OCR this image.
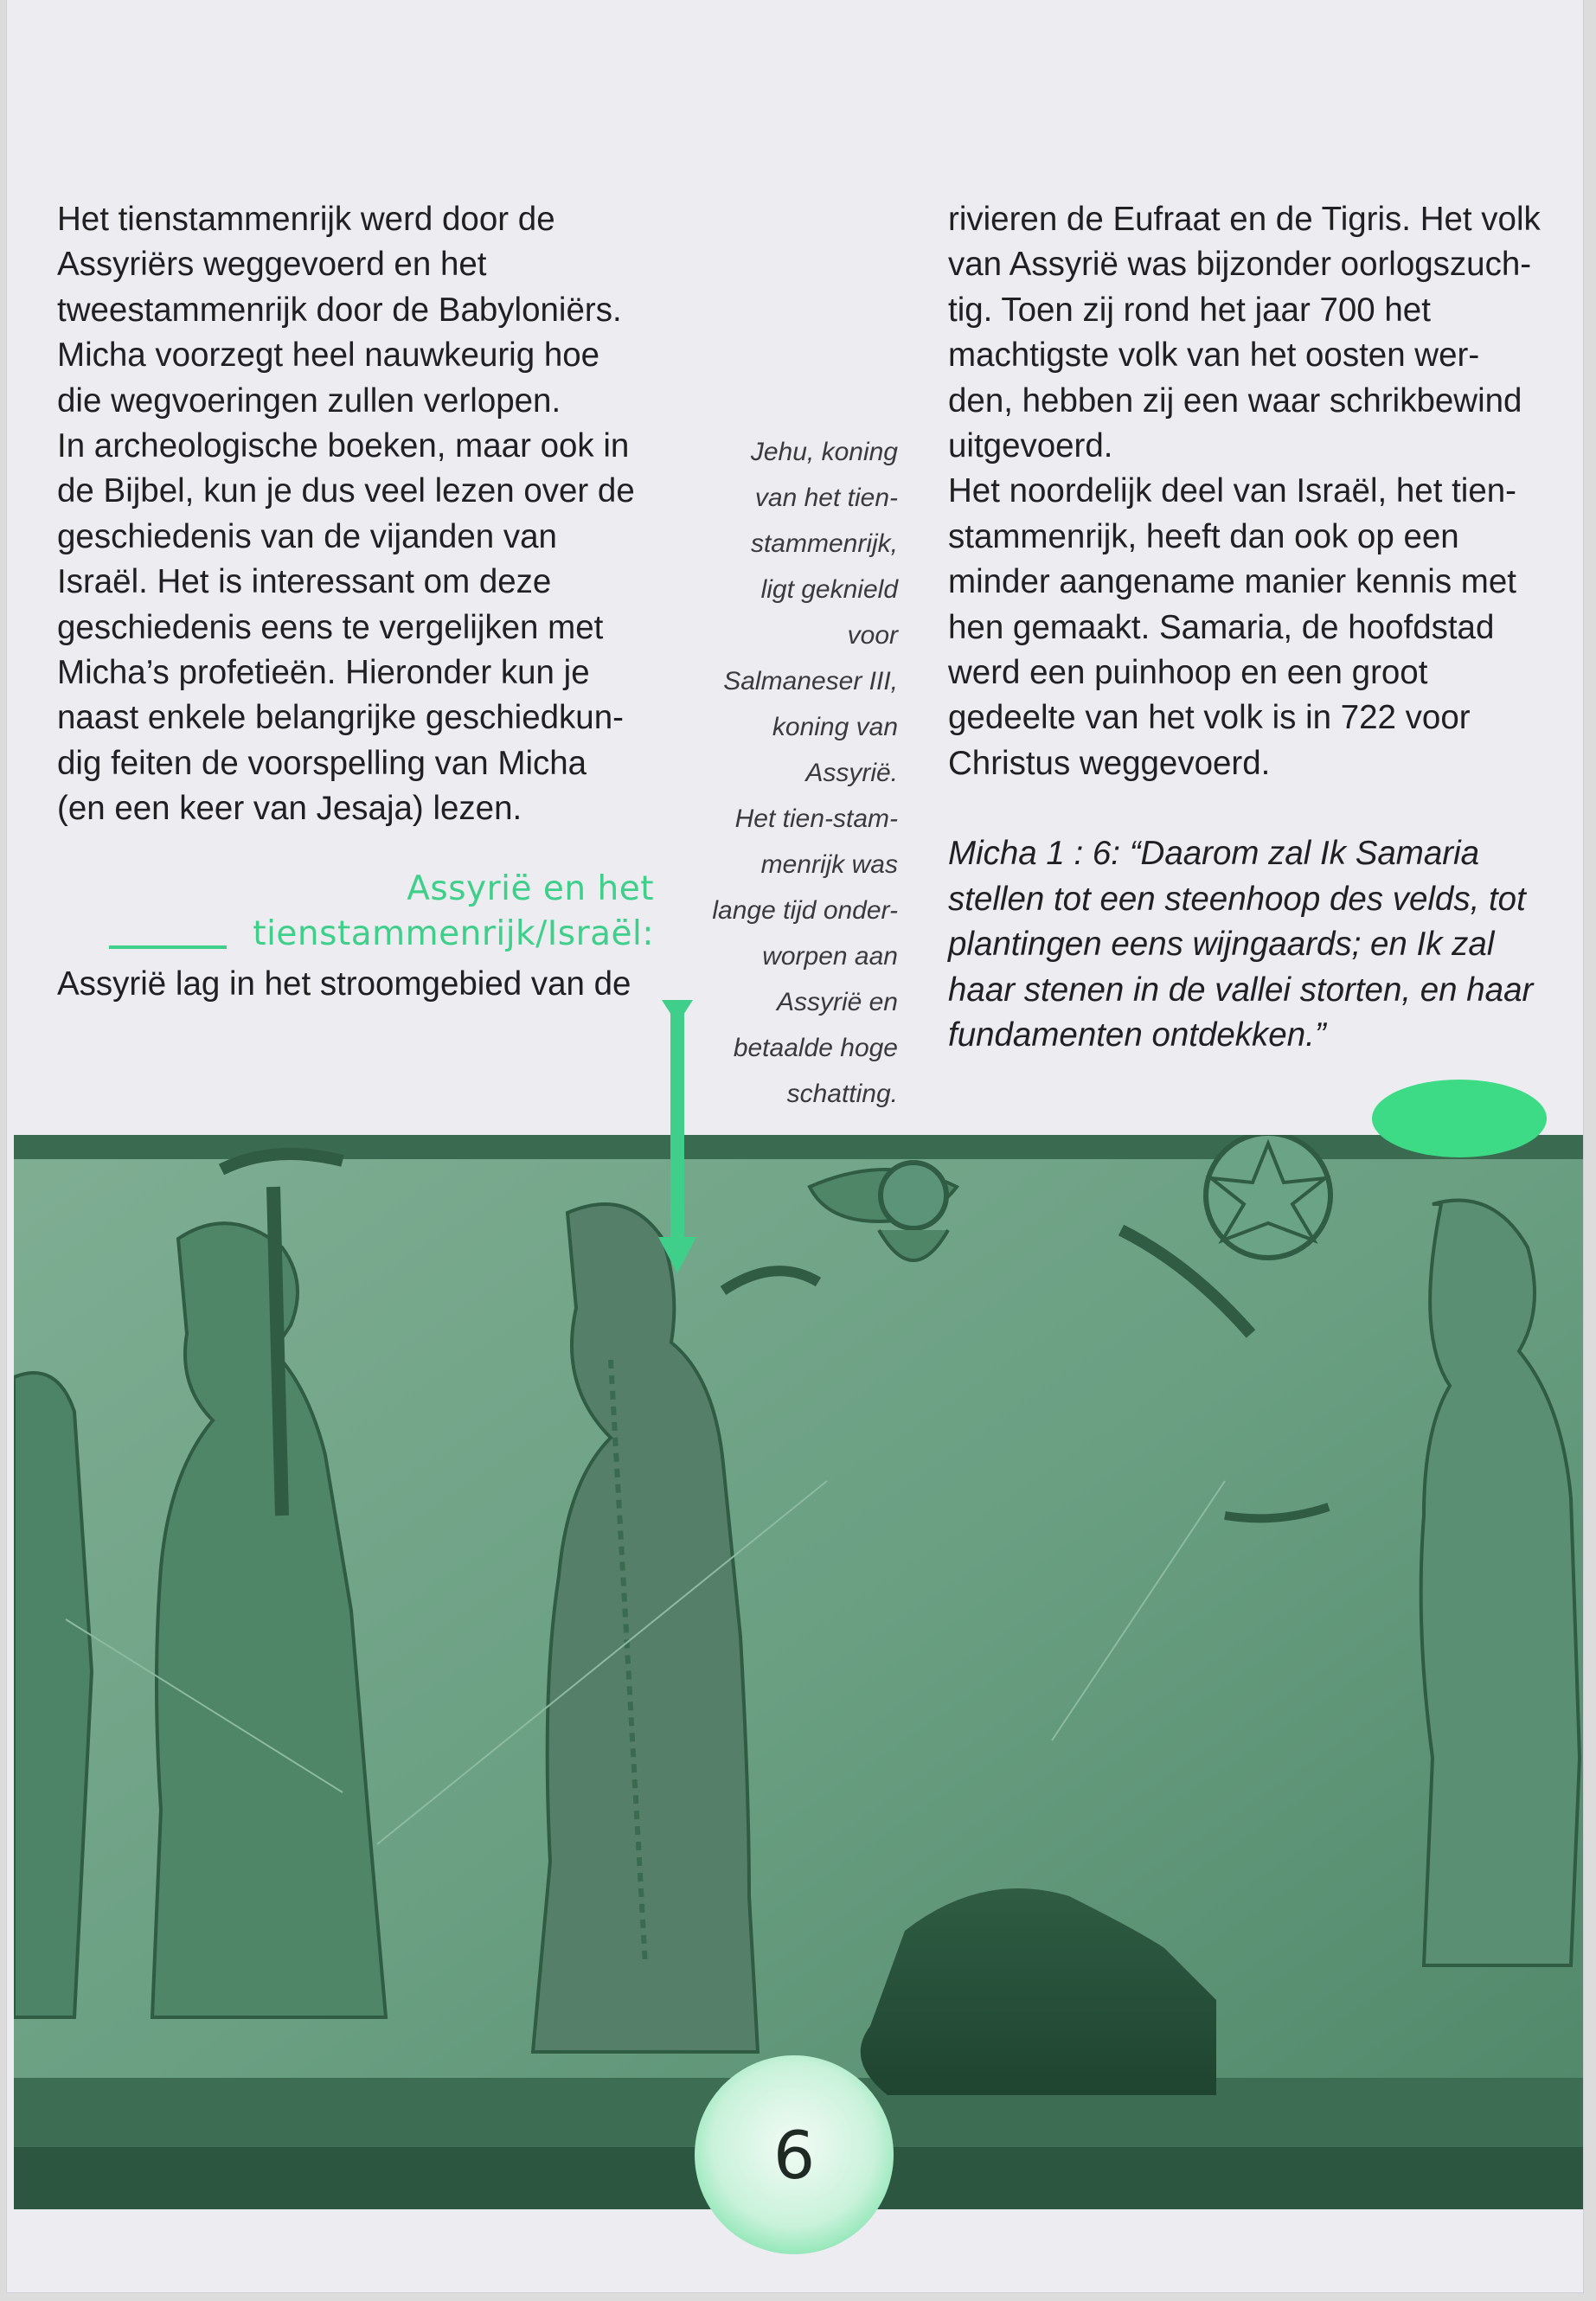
Het tienstammenrijk werd door de

Assyriërs weggevoerd en het

tweestammenrijk door de Babyloniërs.

Micha voorzegt heel nauwkeurig hoe

die wegvoeringen zullen verlopen.

In archeologische boeken, maar ook in

de Bijbel, kun je dus veel lezen over de

geschiedenis van de vijanden van

Israël. Het is interessant om deze

geschiedenis eens te vergelijken met

Micha’s profetieën. Hieronder kun je

naast enkele belangrijke geschiedkun-

dig feiten de voorspelling van Micha

(en een keer van Jesaja) lezen.

Assyrië en het
tienstammenrijk/Israël:
Assyrië lag in het stroomgebied van de
Jehu, koning
van het tien-
stammenrijk,
ligt geknield
voor
Salmaneser III,
koning van
Assyrië.
Het tien-stam-
menrijk was
lange tijd onder-
worpen aan
Assyrië en
betaalde hoge
schatting.

rivieren de Eufraat en de Tigris. Het volk

van Assyrië was bijzonder oorlogszuch-

tig. Toen zij rond het jaar 700 het

machtigste volk van het oosten wer-

den, hebben zij een waar schrikbewind

uitgevoerd.

Het noordelijk deel van Israël, het tien-

stammenrijk, heeft dan ook op een

minder aangename manier kennis met

hen gemaakt. Samaria, de hoofdstad

werd een puinhoop en een groot

gedeelte van het volk is in 722 voor

Christus weggevoerd.

Micha 1 : 6: “Daarom zal Ik Samaria

stellen tot een steenhoop des velds, tot

plantingen eens wijngaards; en Ik zal

haar stenen in de vallei storten, en haar

fundamenten ontdekken.”

6
